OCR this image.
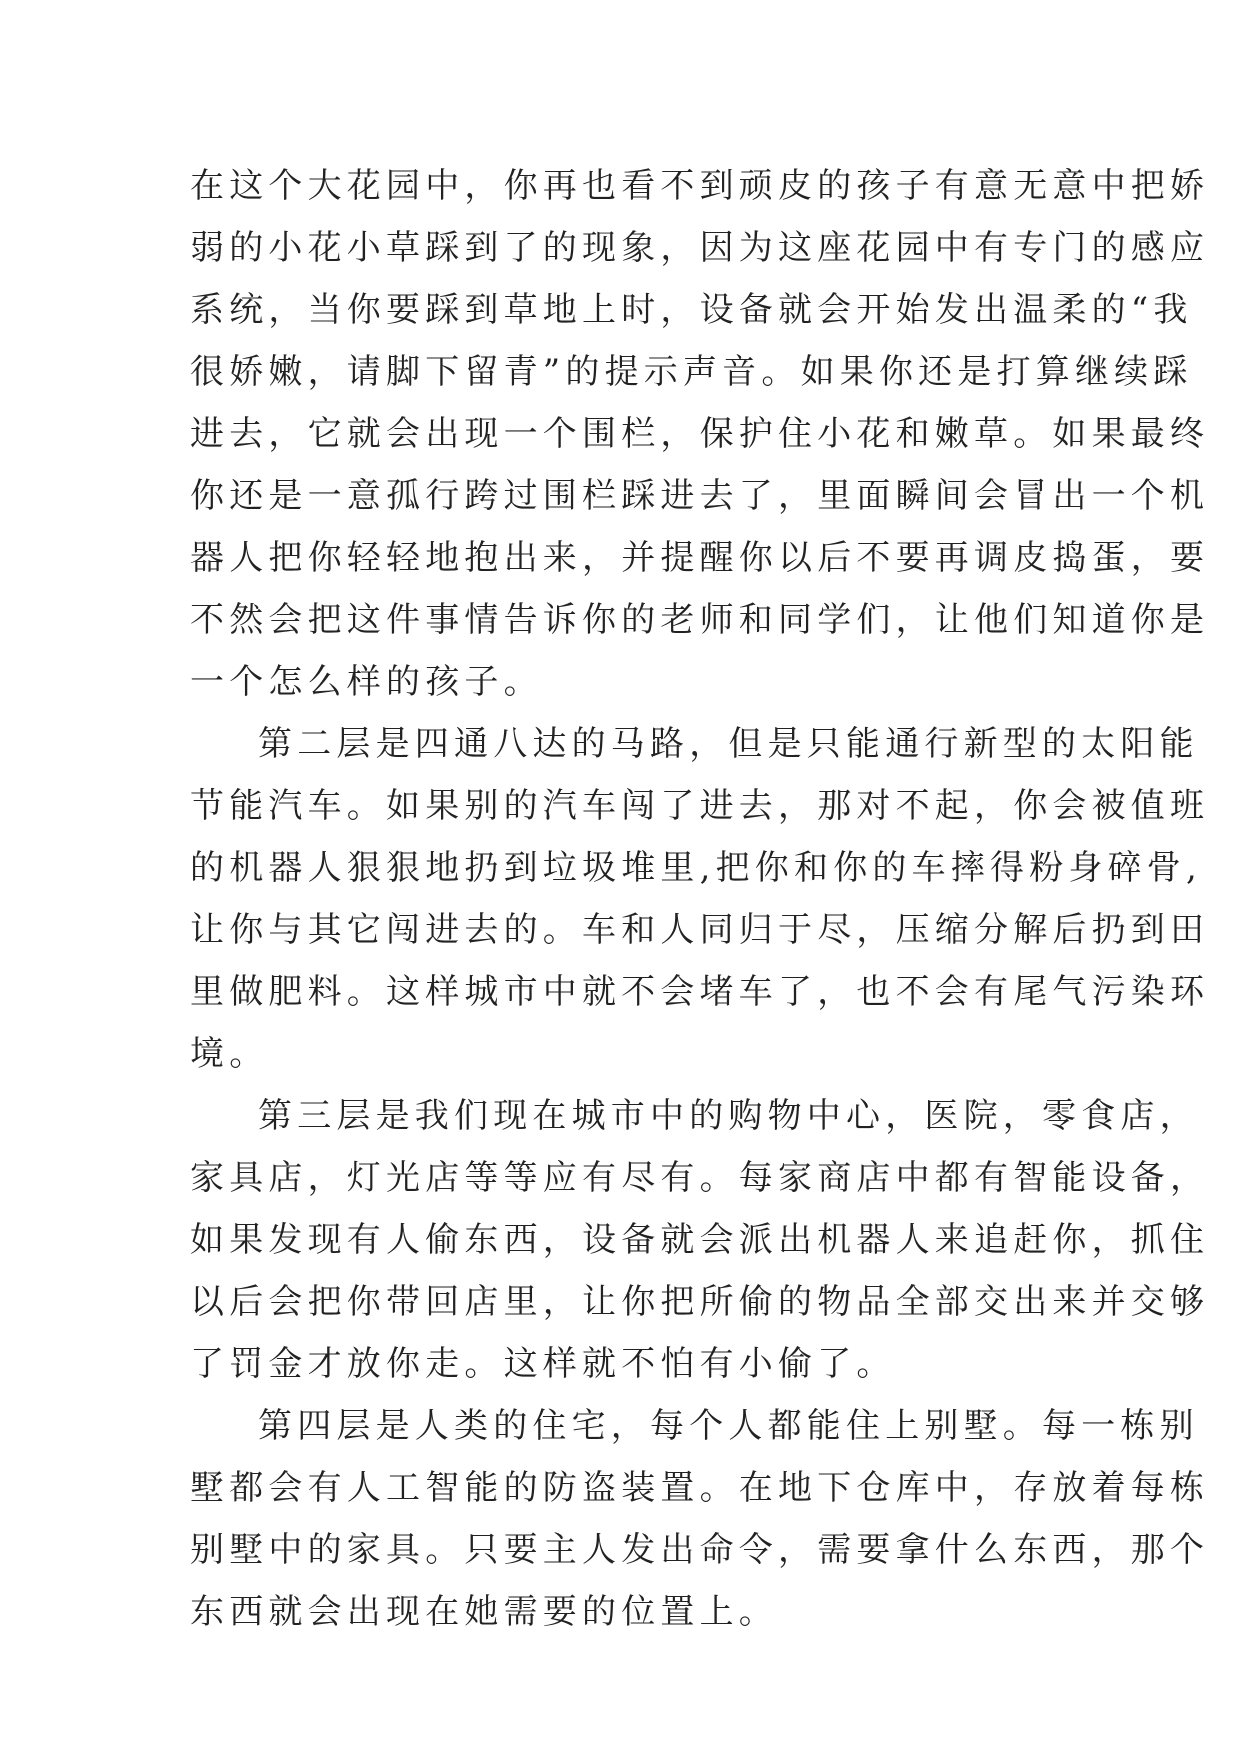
在这个大花园中，你再也看不到顽皮的孩子有意无意中把娇
弱的小花小草踩到了的现象，因为这座花园中有专门的感应
系统，当你要踩到草地上时，设备就会开始发出温柔的“我
很娇嫩，请脚下留青”的提示声音。如果你还是打算继续踩
进去，它就会出现一个围栏，保护住小花和嫩草。如果最终
你还是一意孤行跨过围栏踩进去了，里面瞬间会冒出一个机
器人把你轻轻地抱出来，并提醒你以后不要再调皮捣蛋，要
不然会把这件事情告诉你的老师和同学们，让他们知道你是
一个怎么样的孩子。
第二层是四通八达的马路，但是只能通行新型的太阳能
节能汽车。如果别的汽车闯了进去，那对不起，你会被值班
的机器人狠狠地扔到垃圾堆里,把你和你的车摔得粉身碎骨,
让你与其它闯进去的。车和人同归于尽，压缩分解后扔到田
里做肥料。这样城市中就不会堵车了，也不会有尾气污染环
境。
第三层是我们现在城市中的购物中心，医院，零食店，
家具店，灯光店等等应有尽有。每家商店中都有智能设备，
如果发现有人偷东西，设备就会派出机器人来追赶你，抓住
以后会把你带回店里，让你把所偷的物品全部交出来并交够
了罚金才放你走。这样就不怕有小偷了。
第四层是人类的住宅，每个人都能住上别墅。每一栋别
墅都会有人工智能的防盗装置。在地下仓库中，存放着每栋
别墅中的家具。只要主人发出命令，需要拿什么东西，那个
东西就会出现在她需要的位置上。
